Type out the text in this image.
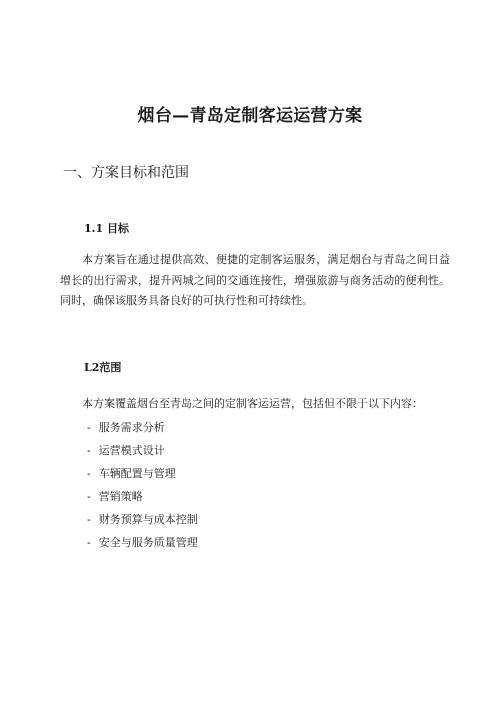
烟台—青岛定制客运运营方案
一、方案目标和范围
1.1 目标

本方案旨在通过提供高效、便捷的定制客运服务，满足烟台与青岛之间日益增长的出行需求，提升两城之间的交通连接性，增强旅游与商务活动的便利性。同时，确保该服务具备良好的可执行性和可持续性。

L2范围

本方案覆盖烟台至青岛之间的定制客运运营，包括但不限于以下内容：

- 服务需求分析
- 运营模式设计
- 车辆配置与管理
- 营销策略
- 财务预算与成本控制
- 安全与服务质量管理
